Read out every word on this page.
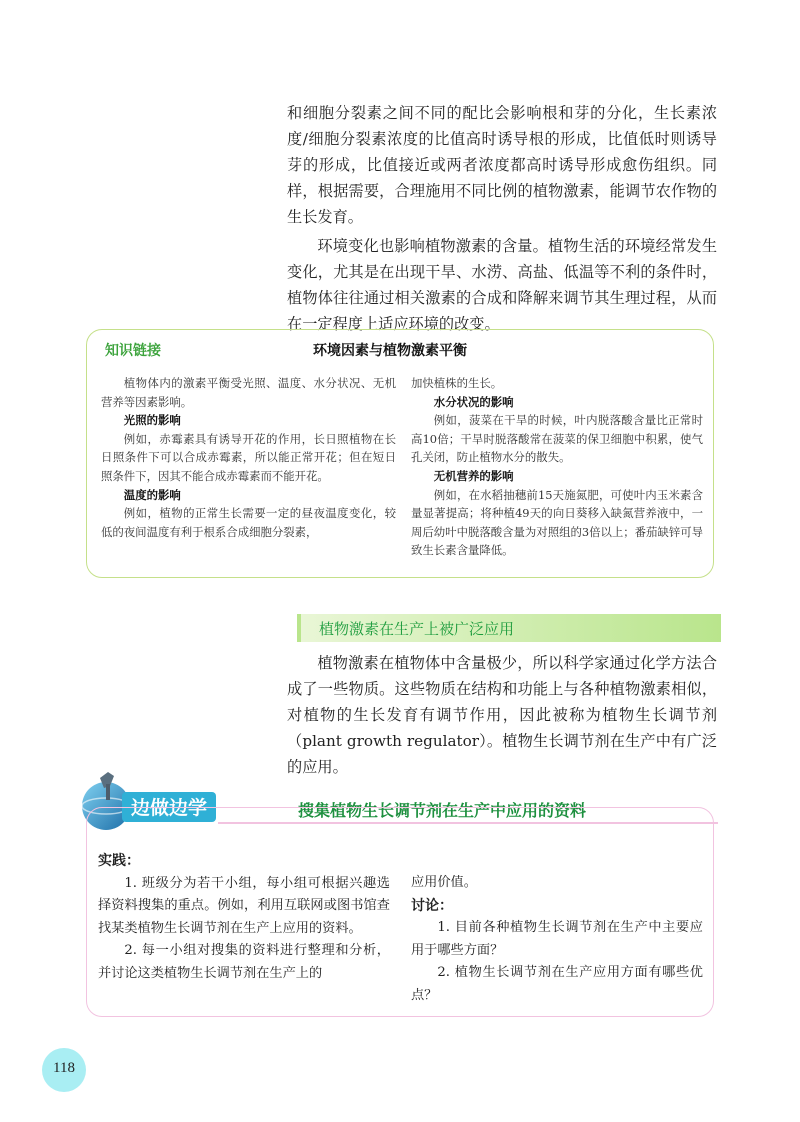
和细胞分裂素之间不同的配比会影响根和芽的分化，生长素浓度/细胞分裂素浓度的比值高时诱导根的形成，比值低时则诱导芽的形成，比值接近或两者浓度都高时诱导形成愈伤组织。同样，根据需要，合理施用不同比例的植物激素，能调节农作物的生长发育。

环境变化也影响植物激素的含量。植物生活的环境经常发生变化，尤其是在出现干旱、水涝、高盐、低温等不利的条件时，植物体往往通过相关激素的合成和降解来调节其生理过程，从而在一定程度上适应环境的改变。

知识链接	环境因素与植物激素平衡

植物体内的激素平衡受光照、温度、水分状况、无机营养等因素影响。

光照的影响

例如，赤霉素具有诱导开花的作用，长日照植物在长日照条件下可以合成赤霉素，所以能正常开花；但在短日照条件下，因其不能合成赤霉素而不能开花。

温度的影响

例如，植物的正常生长需要一定的昼夜温度变化，较低的夜间温度有利于根系合成细胞分裂素，

加快植株的生长。

水分状况的影响

例如，菠菜在干旱的时候，叶内脱落酸含量比正常时高10倍；干旱时脱落酸常在菠菜的保卫细胞中积累，使气孔关闭，防止植物水分的散失。

无机营养的影响

例如，在水稻抽穗前15天施氮肥，可使叶内玉米素含量显著提高；将种植49天的向日葵移入缺氮营养液中，一周后幼叶中脱落酸含量为对照组的3倍以上；番茄缺锌可导致生长素含量降低。

植物激素在生产上被广泛应用

植物激素在植物体中含量极少，所以科学家通过化学方法合成了一些物质。这些物质在结构和功能上与各种植物激素相似，对植物的生长发育有调节作用，因此被称为植物生长调节剂（plant growth regulator）。植物生长调节剂在生产中有广泛的应用。

边做边学	搜集植物生长调节剂在生产中应用的资料

实践：

1. 班级分为若干小组，每小组可根据兴趣选择资料搜集的重点。例如，利用互联网或图书馆查找某类植物生长调节剂在生产上应用的资料。

2. 每一小组对搜集的资料进行整理和分析，并讨论这类植物生长调节剂在生产上的

应用价值。

讨论：

1. 目前各种植物生长调节剂在生产中主要应用于哪些方面？

2. 植物生长调节剂在生产应用方面有哪些优点？

118
